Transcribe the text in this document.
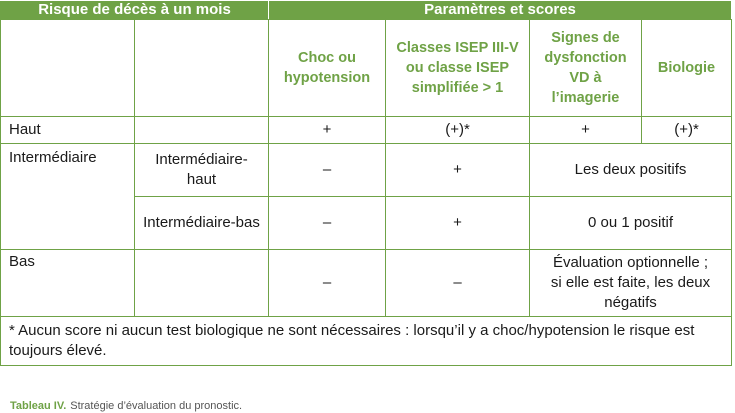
Risque de décès à un mois		Paramètres et scores			
		Choc ou hypotension	Classes ISEP III-V ou classe ISEP simplifiée > 1	Signes de dysfonction VD à l’imagerie	Biologie
Haut		+	(+)*	+	(+)*
Intermédiaire	Intermédiaire-haut	–	+	Les deux positifs	
	Intermédiaire-bas	–	+	0 ou 1 positif	
Bas		–	–	Évaluation optionnelle ;
si elle est faite, les deux
négatifs	

* Aucun score ni aucun test biologique ne sont nécessaires : lorsqu’il y a choc/hypotension le risque est toujours élevé.					
Tableau IV. Stratégie d’évaluation du pronostic.
